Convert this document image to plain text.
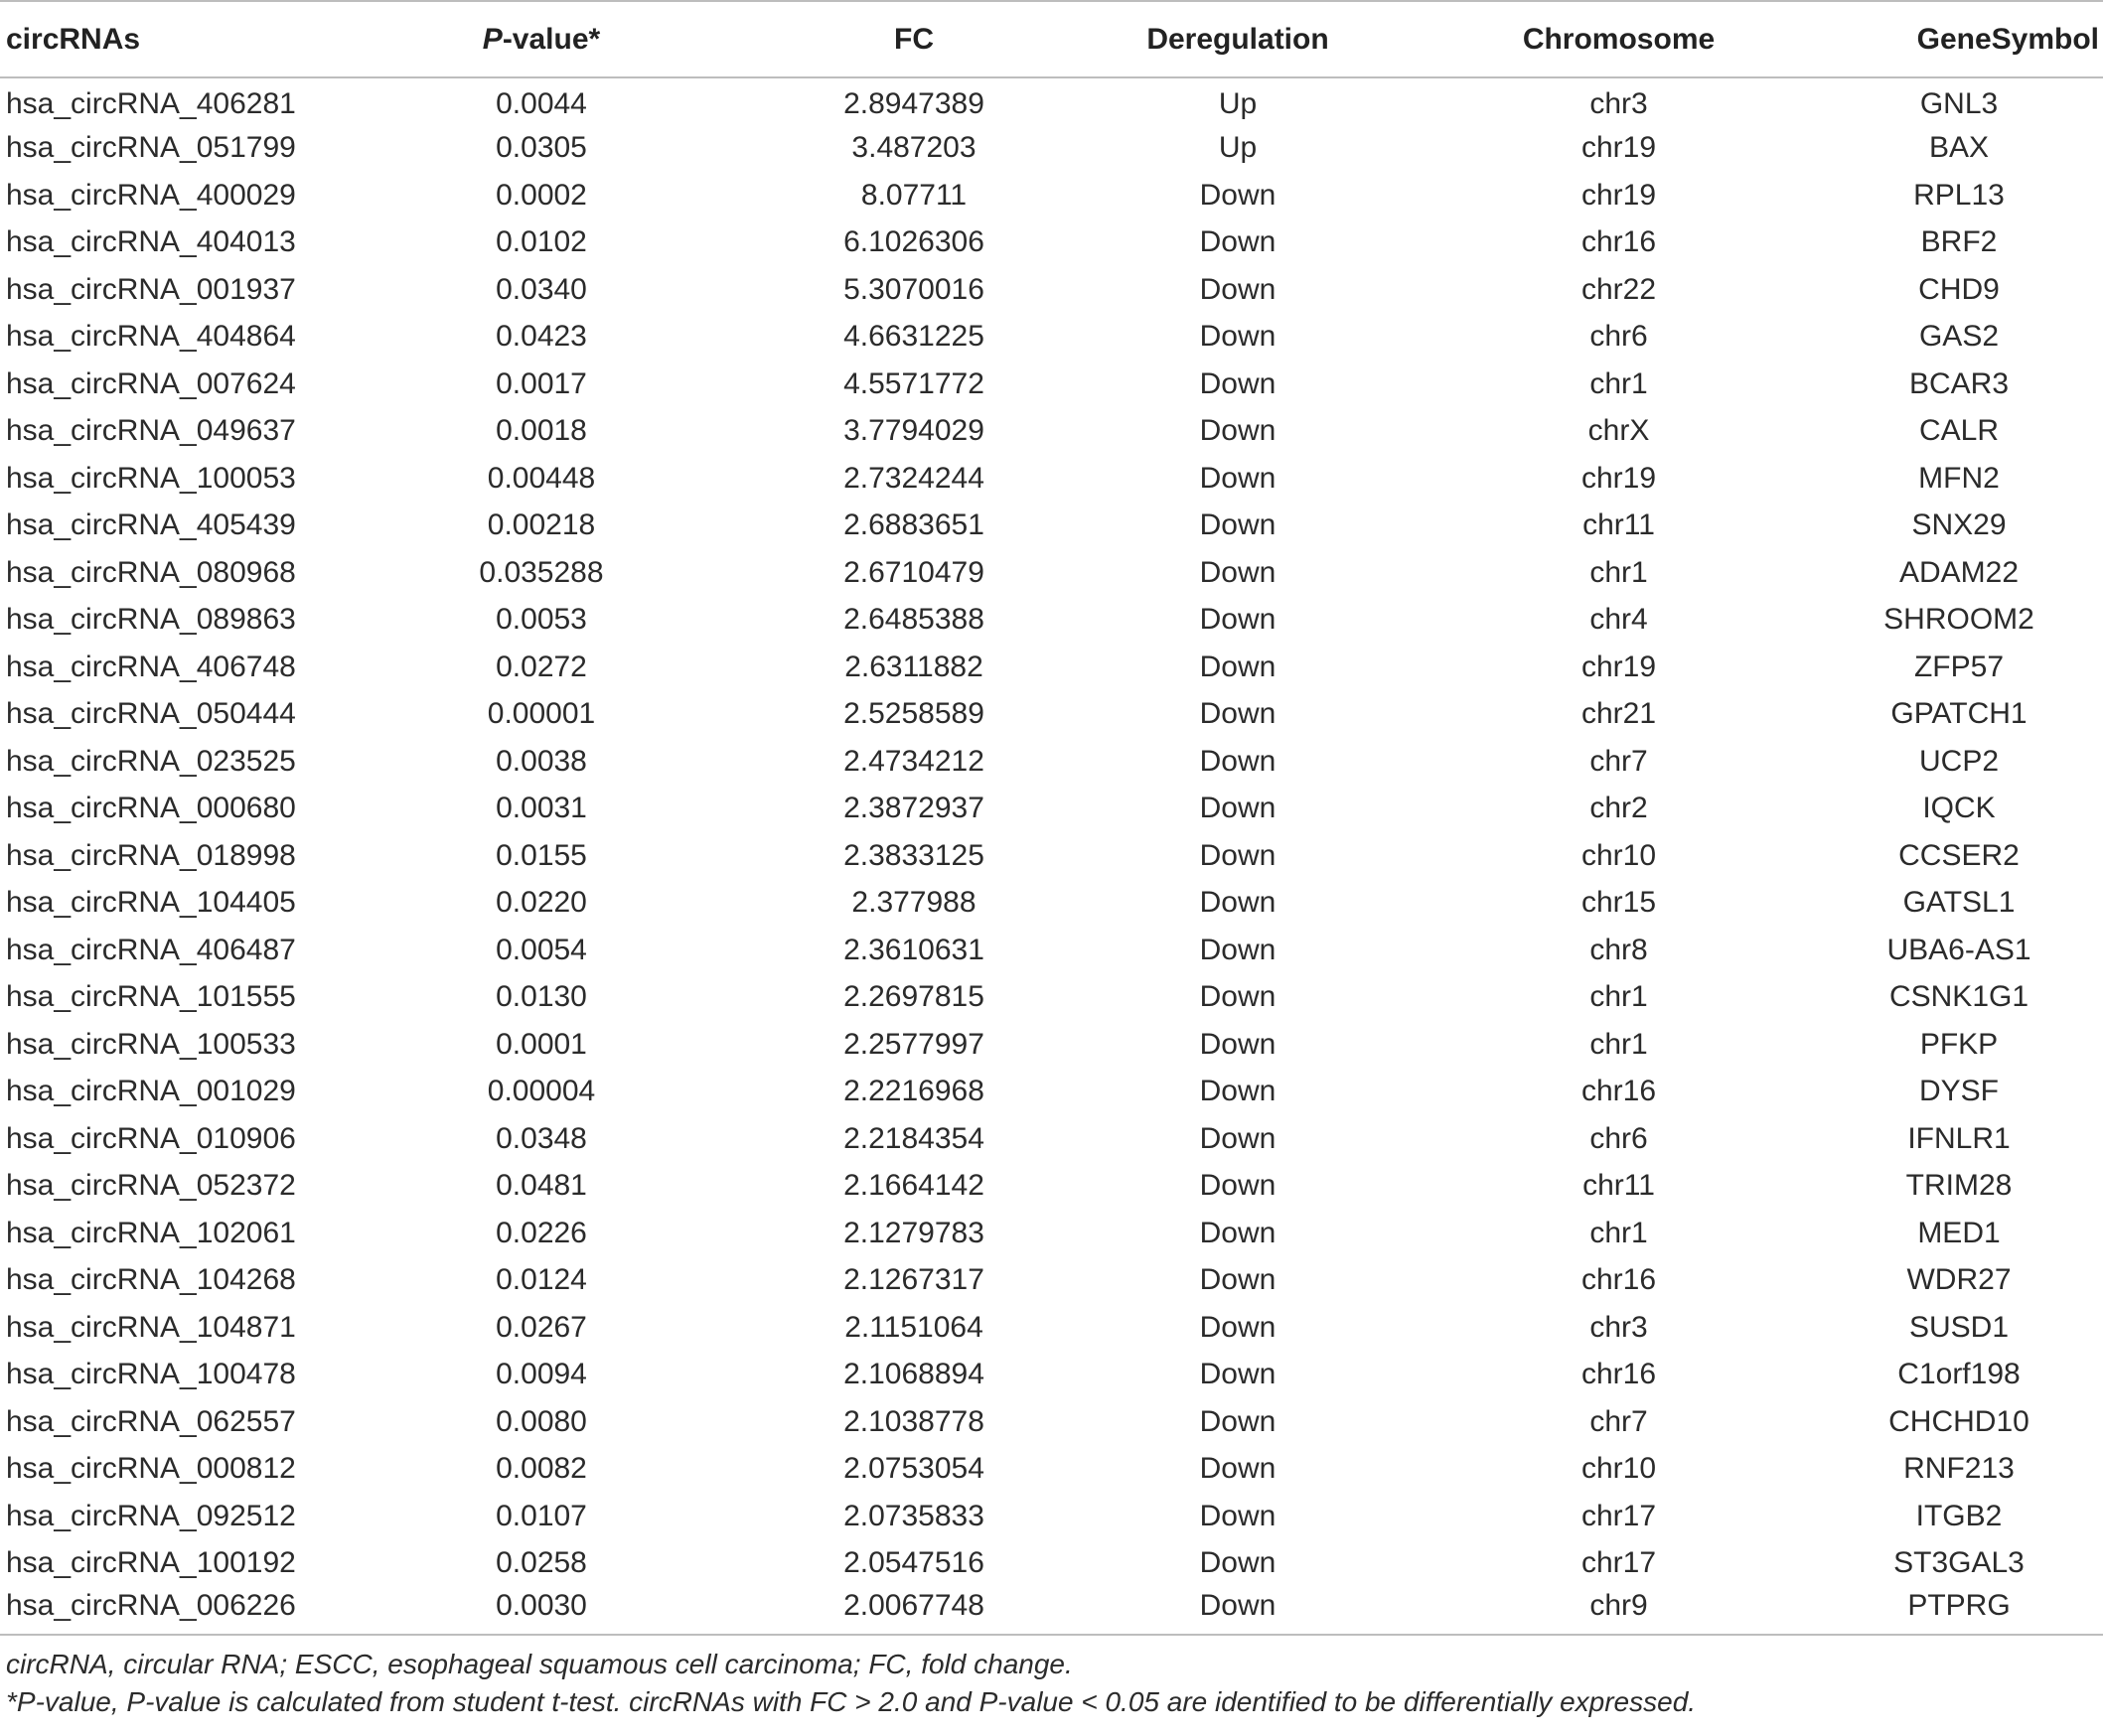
circRNAs	P-value*	FC	Deregulation	Chromosome	GeneSymbol
hsa_circRNA_406281	0.0044	2.8947389	Up	chr3	GNL3
hsa_circRNA_051799	0.0305	3.487203	Up	chr19	BAX
hsa_circRNA_400029	0.0002	8.07711	Down	chr19	RPL13
hsa_circRNA_404013	0.0102	6.1026306	Down	chr16	BRF2
hsa_circRNA_001937	0.0340	5.3070016	Down	chr22	CHD9
hsa_circRNA_404864	0.0423	4.6631225	Down	chr6	GAS2
hsa_circRNA_007624	0.0017	4.5571772	Down	chr1	BCAR3
hsa_circRNA_049637	0.0018	3.7794029	Down	chrX	CALR
hsa_circRNA_100053	0.00448	2.7324244	Down	chr19	MFN2
hsa_circRNA_405439	0.00218	2.6883651	Down	chr11	SNX29
hsa_circRNA_080968	0.035288	2.6710479	Down	chr1	ADAM22
hsa_circRNA_089863	0.0053	2.6485388	Down	chr4	SHROOM2
hsa_circRNA_406748	0.0272	2.6311882	Down	chr19	ZFP57
hsa_circRNA_050444	0.00001	2.5258589	Down	chr21	GPATCH1
hsa_circRNA_023525	0.0038	2.4734212	Down	chr7	UCP2
hsa_circRNA_000680	0.0031	2.3872937	Down	chr2	IQCK
hsa_circRNA_018998	0.0155	2.3833125	Down	chr10	CCSER2
hsa_circRNA_104405	0.0220	2.377988	Down	chr15	GATSL1
hsa_circRNA_406487	0.0054	2.3610631	Down	chr8	UBA6-AS1
hsa_circRNA_101555	0.0130	2.2697815	Down	chr1	CSNK1G1
hsa_circRNA_100533	0.0001	2.2577997	Down	chr1	PFKP
hsa_circRNA_001029	0.00004	2.2216968	Down	chr16	DYSF
hsa_circRNA_010906	0.0348	2.2184354	Down	chr6	IFNLR1
hsa_circRNA_052372	0.0481	2.1664142	Down	chr11	TRIM28
hsa_circRNA_102061	0.0226	2.1279783	Down	chr1	MED1
hsa_circRNA_104268	0.0124	2.1267317	Down	chr16	WDR27
hsa_circRNA_104871	0.0267	2.1151064	Down	chr3	SUSD1
hsa_circRNA_100478	0.0094	2.1068894	Down	chr16	C1orf198
hsa_circRNA_062557	0.0080	2.1038778	Down	chr7	CHCHD10
hsa_circRNA_000812	0.0082	2.0753054	Down	chr10	RNF213
hsa_circRNA_092512	0.0107	2.0735833	Down	chr17	ITGB2
hsa_circRNA_100192	0.0258	2.0547516	Down	chr17	ST3GAL3
hsa_circRNA_006226	0.0030	2.0067748	Down	chr9	PTPRG

circRNA, circular RNA; ESCC, esophageal squamous cell carcinoma; FC, fold change.

*P-value, P-value is calculated from student t-test. circRNAs with FC > 2.0 and P-value < 0.05 are identified to be differentially expressed.
